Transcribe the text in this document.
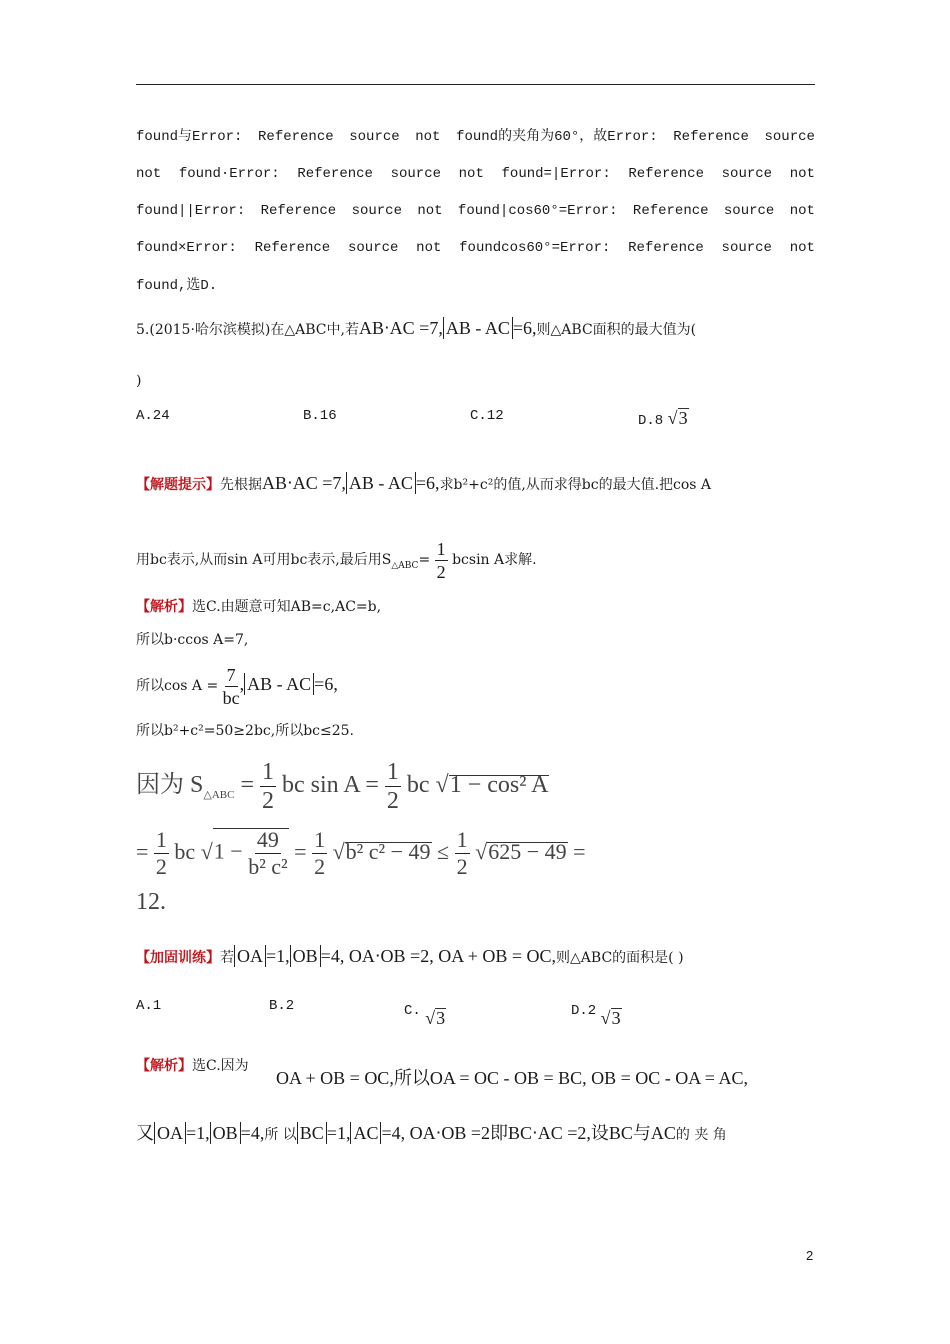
found与Error: Reference source not found的夹角为60°，故Error: Reference source
not found·Error: Reference source not found=|Error: Reference source not
found||Error: Reference source not found|cos60°=Error: Reference source not
found×Error: Reference source not foundcos60°=Error: Reference source not
found,选D.
5.(2015·哈尔滨模拟)在△ABC中,若AB⋅AC =7, AB - AC =6,则△ABC面积的最大值为(
)
A.24	B.16	C.12	D.8 √3
【解题提示】先根据AB⋅AC =7, AB - AC =6,求b²+c²的值,从而求得bc的最大值.把cos A
用bc表示,从而sin A可用bc表示,最后用$S_{\triangle ABC}= \frac{1}{2}$ bcsin A求解.
【解析】选C.由题意可知AB=c,AC=b,
所以b·ccos A=7,
所以$\cos A = \frac{7}{bc}$ , AB - AC =6,
所以b²+c²=50≥2bc,所以bc≤25.
因为 $S_{\triangle ABC} = \frac{1}{2}$ bc $\sin A = \frac{1}{2}$ bc √1 − cos² A
= $\frac{1}{2}$ bc $√1 - \frac{49}{\text{b² c²}} = \frac{1}{2} √b^2$ $c^2 - 49 \le \frac{1}{2} √625 - 49$ =
12.
【加固训练】若 OA =1, OB =4, OA⋅OB =2, OA + OB = OC,则△ABC的面积是( )
A.1	B.2	C. √3	D.2 √3
【解析】选C.因为
OA + OB = OC,所以OA = OC - OB = BC, OB = OC - OA = AC,
又 OA =1, OB =4,所 以 BC =1, AC =4, OA⋅OB =2即BC⋅AC =2,设BC与AC的 夹 角
2
